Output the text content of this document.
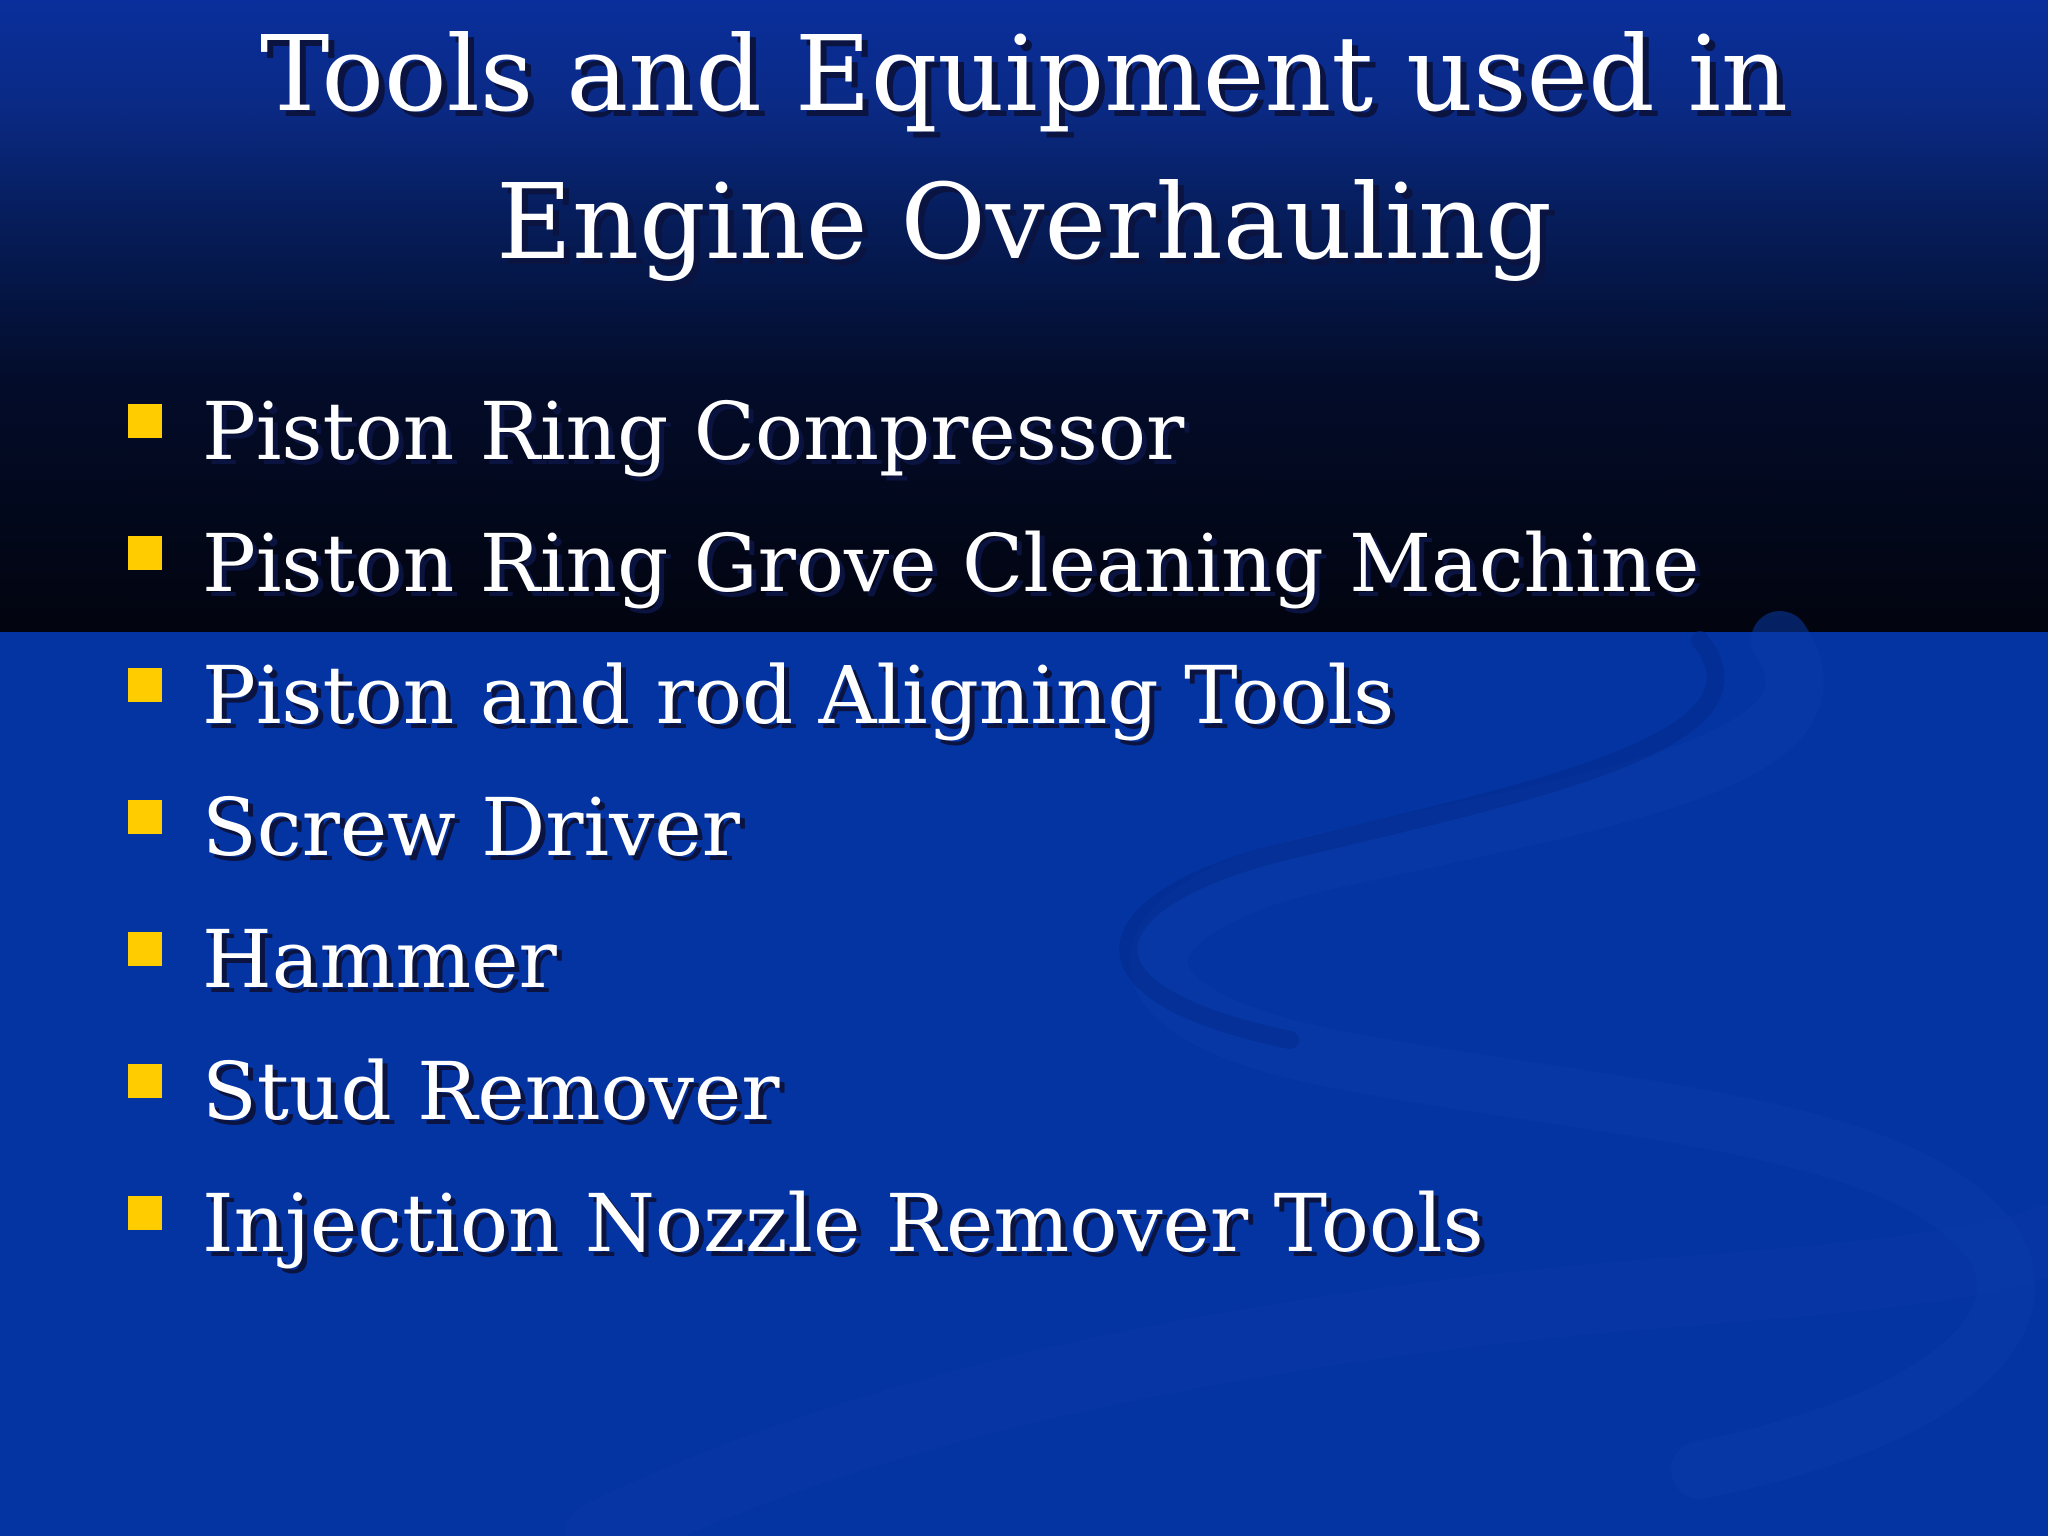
Tools and Equipment used in
Engine Overhauling
Piston Ring Compressor
Piston Ring Grove Cleaning Machine
Piston and rod Aligning Tools
Screw Driver
Hammer
Stud Remover
Injection Nozzle Remover Tools
